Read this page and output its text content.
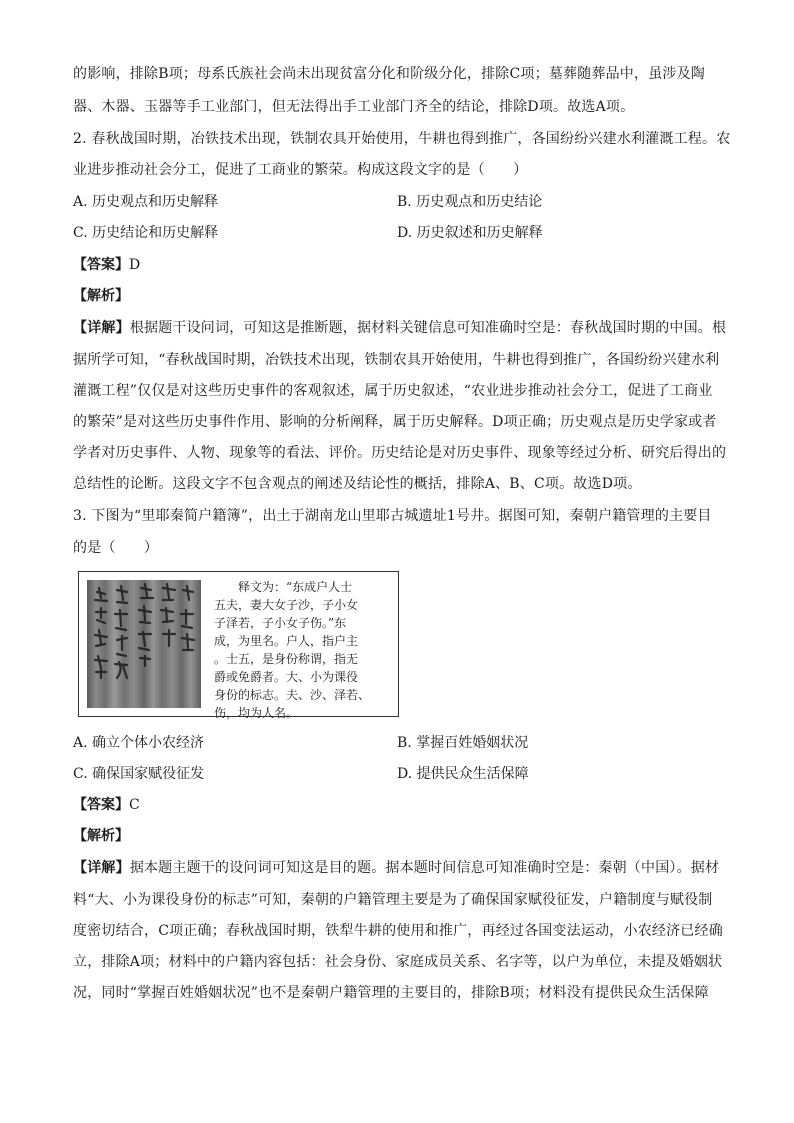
的影响，排除B项；母系氏族社会尚未出现贫富分化和阶级分化，排除C项；墓葬随葬品中，虽涉及陶
器、木器、玉器等手工业部门，但无法得出手工业部门齐全的结论，排除D项。故选A项。
2. 春秋战国时期，冶铁技术出现，铁制农具开始使用，牛耕也得到推广，各国纷纷兴建水利灌溉工程。农
业进步推动社会分工，促进了工商业的繁荣。构成这段文字的是（　　）
A. 历史观点和历史解释	B. 历史观点和历史结论
C. 历史结论和历史解释	D. 历史叙述和历史解释
【答案】D
【解析】
【详解】根据题干设问词，可知这是推断题，据材料关键信息可知准确时空是：春秋战国时期的中国。根
据所学可知，“春秋战国时期，冶铁技术出现，铁制农具开始使用，牛耕也得到推广，各国纷纷兴建水利
灌溉工程”仅仅是对这些历史事件的客观叙述，属于历史叙述，“农业进步推动社会分工，促进了工商业
的繁荣”是对这些历史事件作用、影响的分析阐释，属于历史解释。D项正确；历史观点是历史学家或者
学者对历史事件、人物、现象等的看法、评价。历史结论是对历史事件、现象等经过分析、研究后得出的
总结性的论断。这段文字不包含观点的阐述及结论性的概括，排除A、B、C项。故选D项。
3. 下图为“里耶秦简户籍簿”，出土于湖南龙山里耶古城遗址1号井。据图可知，秦朝户籍管理的主要目
的是（　　）

　　释文为：“东成户人士

五夫，妻大女子沙，子小女

子泽若，子小女子伤。”东

成，为里名。户人，指户主

。士五，是身份称谓，指无

爵或免爵者。大、小为课役

身份的标志。夫、沙、泽若、

伤，均为人名。

A. 确立个体小农经济	B. 掌握百姓婚姻状况
C. 确保国家赋役征发	D. 提供民众生活保障
【答案】C
【解析】
【详解】据本题主题干的设问词可知这是目的题。据本题时间信息可知准确时空是：秦朝（中国）。据材
料“大、小为课役身份的标志”可知，秦朝的户籍管理主要是为了确保国家赋役征发，户籍制度与赋役制
度密切结合，C项正确；春秋战国时期，铁犁牛耕的使用和推广，再经过各国变法运动，小农经济已经确
立，排除A项；材料中的户籍内容包括：社会身份、家庭成员关系、名字等，以户为单位，未提及婚姻状
况，同时“掌握百姓婚姻状况”也不是秦朝户籍管理的主要目的，排除B项；材料没有提供民众生活保障
